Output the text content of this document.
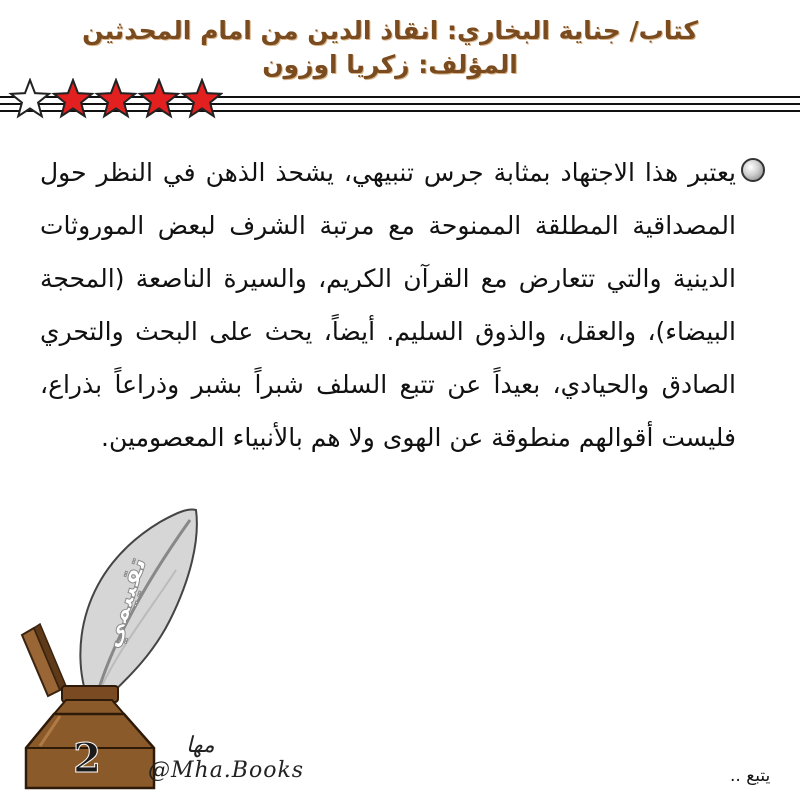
كتاب/ جناية البخاري: انقاذ الدين من امام المحدثين
المؤلف: زكريا اوزون
يعتبر هذا الاجتهاد بمثابة جرس تنبيهي، يشحذ الذهن في النظر حول المصداقية المطلقة الممنوحة مع مرتبة الشرف لبعض الموروثات الدينية والتي تتعارض مع القرآن الكريم، والسيرة الناصعة (المحجة البيضاء)، والعقل، والذوق السليم. أيضاً، يحث على البحث والتحري الصادق والحيادي، بعيداً عن تتبع السلف شبراً بشبر وذراعاً بذراع، فليست أقوالهم منطوقة عن الهوى ولا هم بالأنبياء المعصومين.
تقييمي
2	مها
@Mha.Books	يتبع ..
